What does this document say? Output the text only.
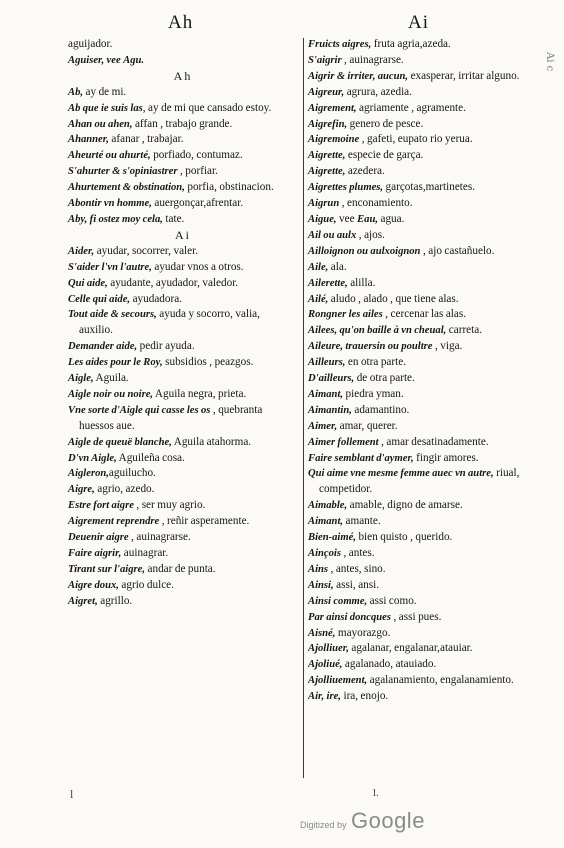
Ah	Ai

aguijador.

Aguiser, vee Agu.

A h

Ab, ay de mi.

Ab que ie suis las, ay de mi que cansado estoy.

Ahan ou ahen, affan , trabajo grande.

Ahanner, afanar , trabajar.

Aheurté ou ahurté, porfiado, contumaz.

S'ahurter & s'opiniastrer , porfiar.

Ahurtement & obstination, porfia, obstinacion.

Abontir vn homme, auergonçar,afrentar.

Aby, fi ostez moy cela, tate.

A i

Aider, ayudar, socorrer, valer.

S'aider l'vn l'autre, ayudar vnos a otros.

Qui aide, ayudante, ayudador, valedor.

Celle qui aide, ayudadora.

Tout aide & secours, ayuda y socorro, valia, auxilio.

Demander aide, pedir ayuda.

Les aides pour le Roy, subsidios , peazgos.

Aigle, Aguila.

Aigle noir ou noire, Aguila negra, prieta.

Vne sorte d'Aigle qui casse les os , quebranta huessos aue.

Aigle de queuë blanche, Aguila atahorma.

D'vn Aigle, Aguileña cosa.

Aigleron,aguilucho.

Aigre, agrio, azedo.

Estre fort aigre , ser muy agrio.

Aigrement reprendre , reñir asperamente.

Deuenir aigre , auinagrarse.

Faire aigrir, auinagrar.

Tirant sur l'aigre, andar de punta.

Aigre doux, agrio dulce.

Aigret, agrillo.

Fruicts aigres, fruta agria,azeda.

S'aigrir , auinagrarse.

Aigrir & irriter, aucun, exasperar, irritar alguno.

Aigreur, agrura, azedia.

Aigrement, agriamente , agramente.

Aigrefin, genero de pesce.

Aigremoine , gafeti, eupato rio yerua.

Aigrette, especie de garça.

Aigrette, azedera.

Aigrettes plumes, garçotas,martinetes.

Aigrun , enconamiento.

Aigue, vee Eau, agua.

Ail ou aulx , ajos.

Ailloignon ou aulxoignon , ajo castañuelo.

Aile, ala.

Ailerette, alilla.

Ailé, aludo , alado , que tiene alas.

Rongner les ailes , cercenar las alas.

Ailees, qu'on baille à vn cheual, carreta.

Aileure, trauersin ou poultre , viga.

Ailleurs, en otra parte.

D'ailleurs, de otra parte.

Aimant, piedra yman.

Aimantin, adamantino.

Aimer, amar, querer.

Aimer follement , amar desatinadamente.

Faire semblant d'aymer, fingir amores.

Qui aime vne mesme femme auec vn autre, riual, competidor.

Aimable, amable, digno de amarse.

Aimant, amante.

Bien-aimé, bien quisto , querido.

Ainçois , antes.

Ains , antes, sino.

Ainsi, assi, ansi.

Ainsi comme, assi como.

Par ainsi doncques , assi pues.

Aisné, mayorazgo.

Ajolliuer, agalanar, engalanar,atauiar.

Ajoliué, agalanado, atauiado.

Ajolliuement, agalanamiento, engalanamiento.

Air, ire, ira, enojo.

Ai c
l	l.
Digitized by Google
